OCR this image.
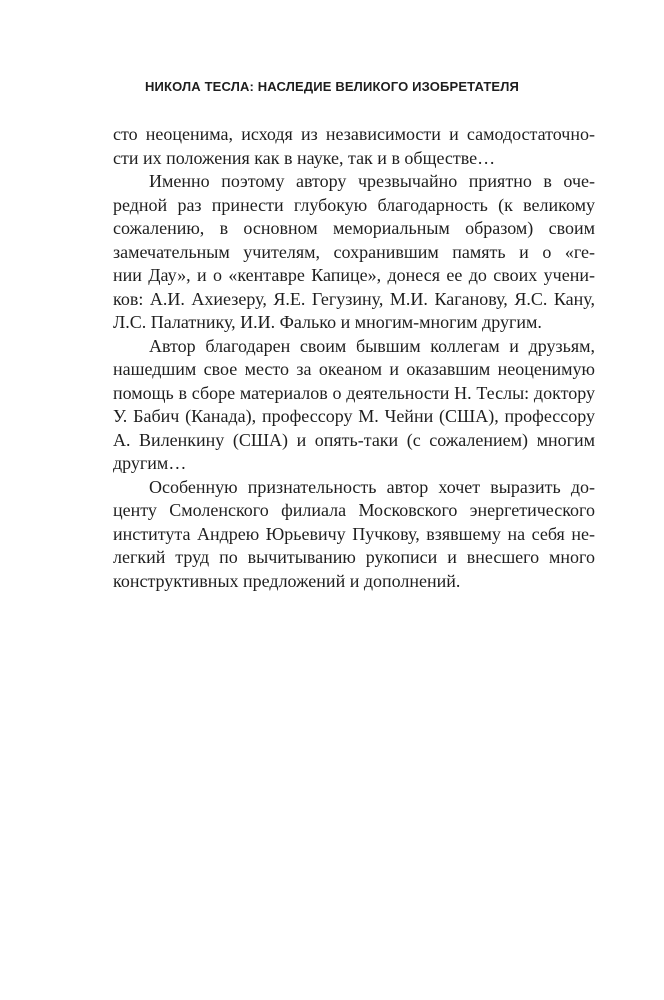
НИКОЛА ТЕСЛА: НАСЛЕДИЕ ВЕЛИКОГО ИЗОБРЕТАТЕЛЯ
сто неоценима, исходя из независимости и самодостаточно-
сти их положения как в науке, так и в обществе…
Именно поэтому автору чрезвычайно приятно в оче-
редной раз принести глубокую благодарность (к великому
сожалению, в основном мемориальным образом) своим
замечательным учителям, сохранившим память и о «ге-
нии Дау», и о «кентавре Капице», донеся ее до своих учени-
ков: А.И. Ахиезеру, Я.Е. Гегузину, М.И. Каганову, Я.С. Кану,
Л.С. Палатнику, И.И. Фалько и многим-многим другим.
Автор благодарен своим бывшим коллегам и друзьям,
нашедшим свое место за океаном и оказавшим неоценимую
помощь в сборе материалов о деятельности Н. Теслы: доктору
У. Бабич (Канада), профессору М. Чейни (США), профессору
А. Виленкину (США) и опять-таки (с сожалением) многим
другим…
Особенную признательность автор хочет выразить до-
центу Смоленского филиала Московского энергетического
института Андрею Юрьевичу Пучкову, взявшему на себя не-
легкий труд по вычитыванию рукописи и внесшего много
конструктивных предложений и дополнений.
